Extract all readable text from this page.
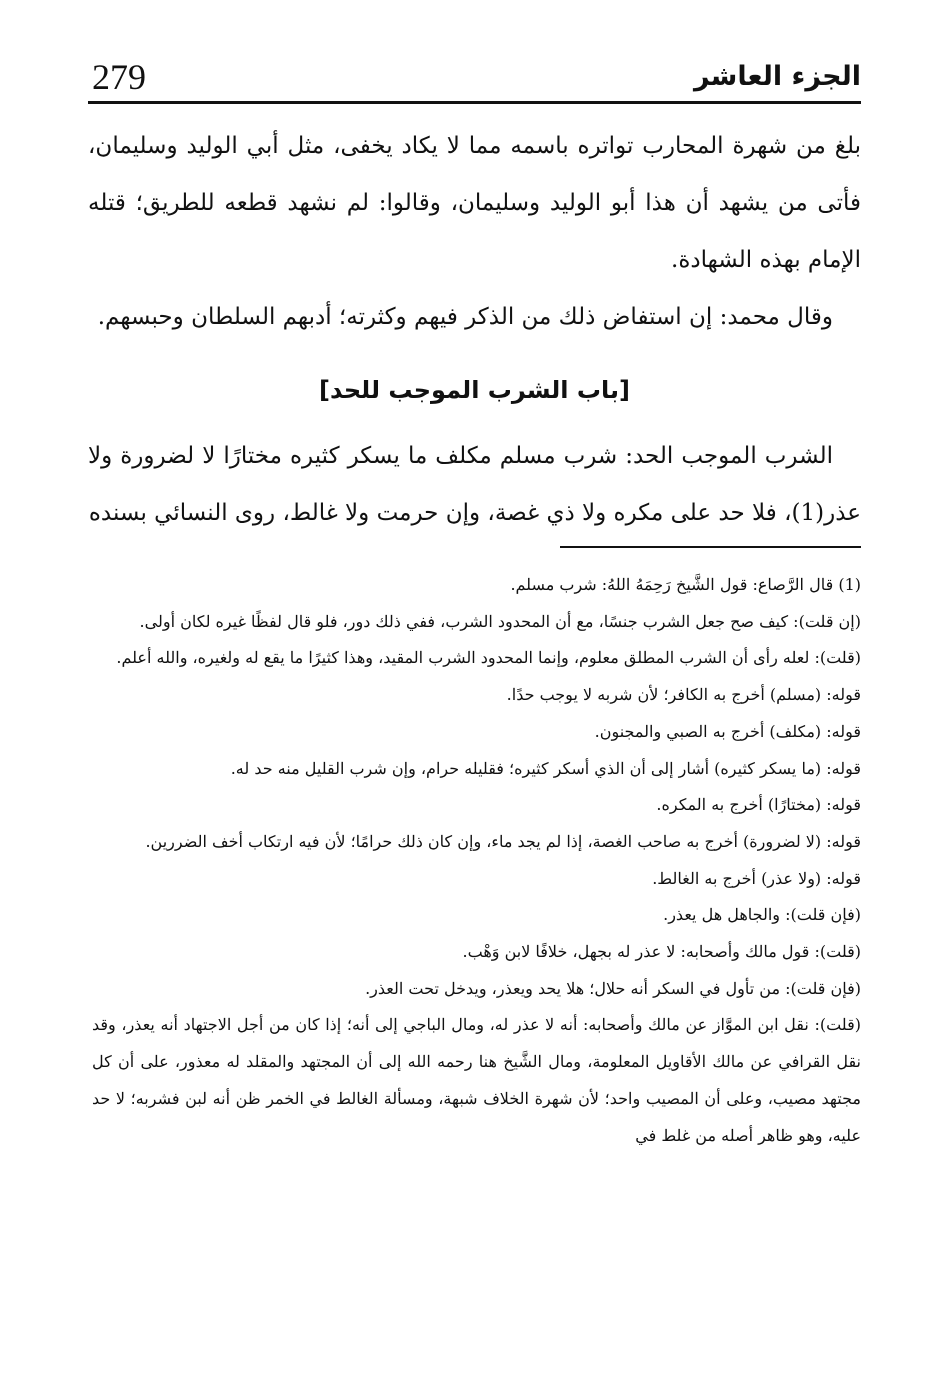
279	الجزء العاشر

بلغ من شهرة المحارب تواتره باسمه مما لا يكاد يخفى، مثل أبي الوليد وسليمان، فأتى من يشهد أن هذا أبو الوليد وسليمان، وقالوا: لم نشهد قطعه للطريق؛ قتله الإمام بهذه الشهادة.

وقال محمد: إن استفاض ذلك من الذكر فيهم وكثرته؛ أدبهم السلطان وحبسهم.

[باب الشرب الموجب للحد]

الشرب الموجب الحد: شرب مسلم مكلف ما يسكر كثيره مختارًا لا لضرورة ولا عذر(1)، فلا حد على مكره ولا ذي غصة، وإن حرمت ولا غالط، روى النسائي بسنده

(1) قال الرَّصاع: قول الشَّيخ رَحِمَهُ اللهُ: شرب مسلم.

(إن قلت): كيف صح جعل الشرب جنسًا، مع أن المحدود الشرب، ففي ذلك دور، فلو قال لفظًا غيره لكان أولى.

(قلت): لعله رأى أن الشرب المطلق معلوم، وإنما المحدود الشرب المقيد، وهذا كثيرًا ما يقع له ولغيره، والله أعلم.

قوله: (مسلم) أخرج به الكافر؛ لأن شربه لا يوجب حدًا.

قوله: (مكلف) أخرج به الصبي والمجنون.

قوله: (ما يسكر كثيره) أشار إلى أن الذي أسكر كثيره؛ فقليله حرام، وإن شرب القليل منه حد له.

قوله: (مختارًا) أخرج به المكره.

قوله: (لا لضرورة) أخرج به صاحب الغصة، إذا لم يجد ماء، وإن كان ذلك حرامًا؛ لأن فيه ارتكاب أخف الضررين.

قوله: (ولا عذر) أخرج به الغالط.

(فإن قلت): والجاهل هل يعذر.

(قلت): قول مالك وأصحابه: لا عذر له بجهل، خلافًا لابن وَهْب.

(فإن قلت): من تأول في السكر أنه حلال؛ هلا يحد ويعذر، ويدخل تحت العذر.

(قلت): نقل ابن الموَّاز عن مالك وأصحابه: أنه لا عذر له، ومال الباجي إلى أنه؛ إذا كان من أجل الاجتهاد أنه يعذر، وقد نقل القرافي عن مالك الأقاويل المعلومة، ومال الشَّيخ هنا رحمه الله إلى أن المجتهد والمقلد له معذور، على أن كل مجتهد مصيب، وعلى أن المصيب واحد؛ لأن شهرة الخلاف شبهة، ومسألة الغالط في الخمر ظن أنه لبن فشربه؛ لا حد عليه، وهو ظاهر أصله من غلط في
